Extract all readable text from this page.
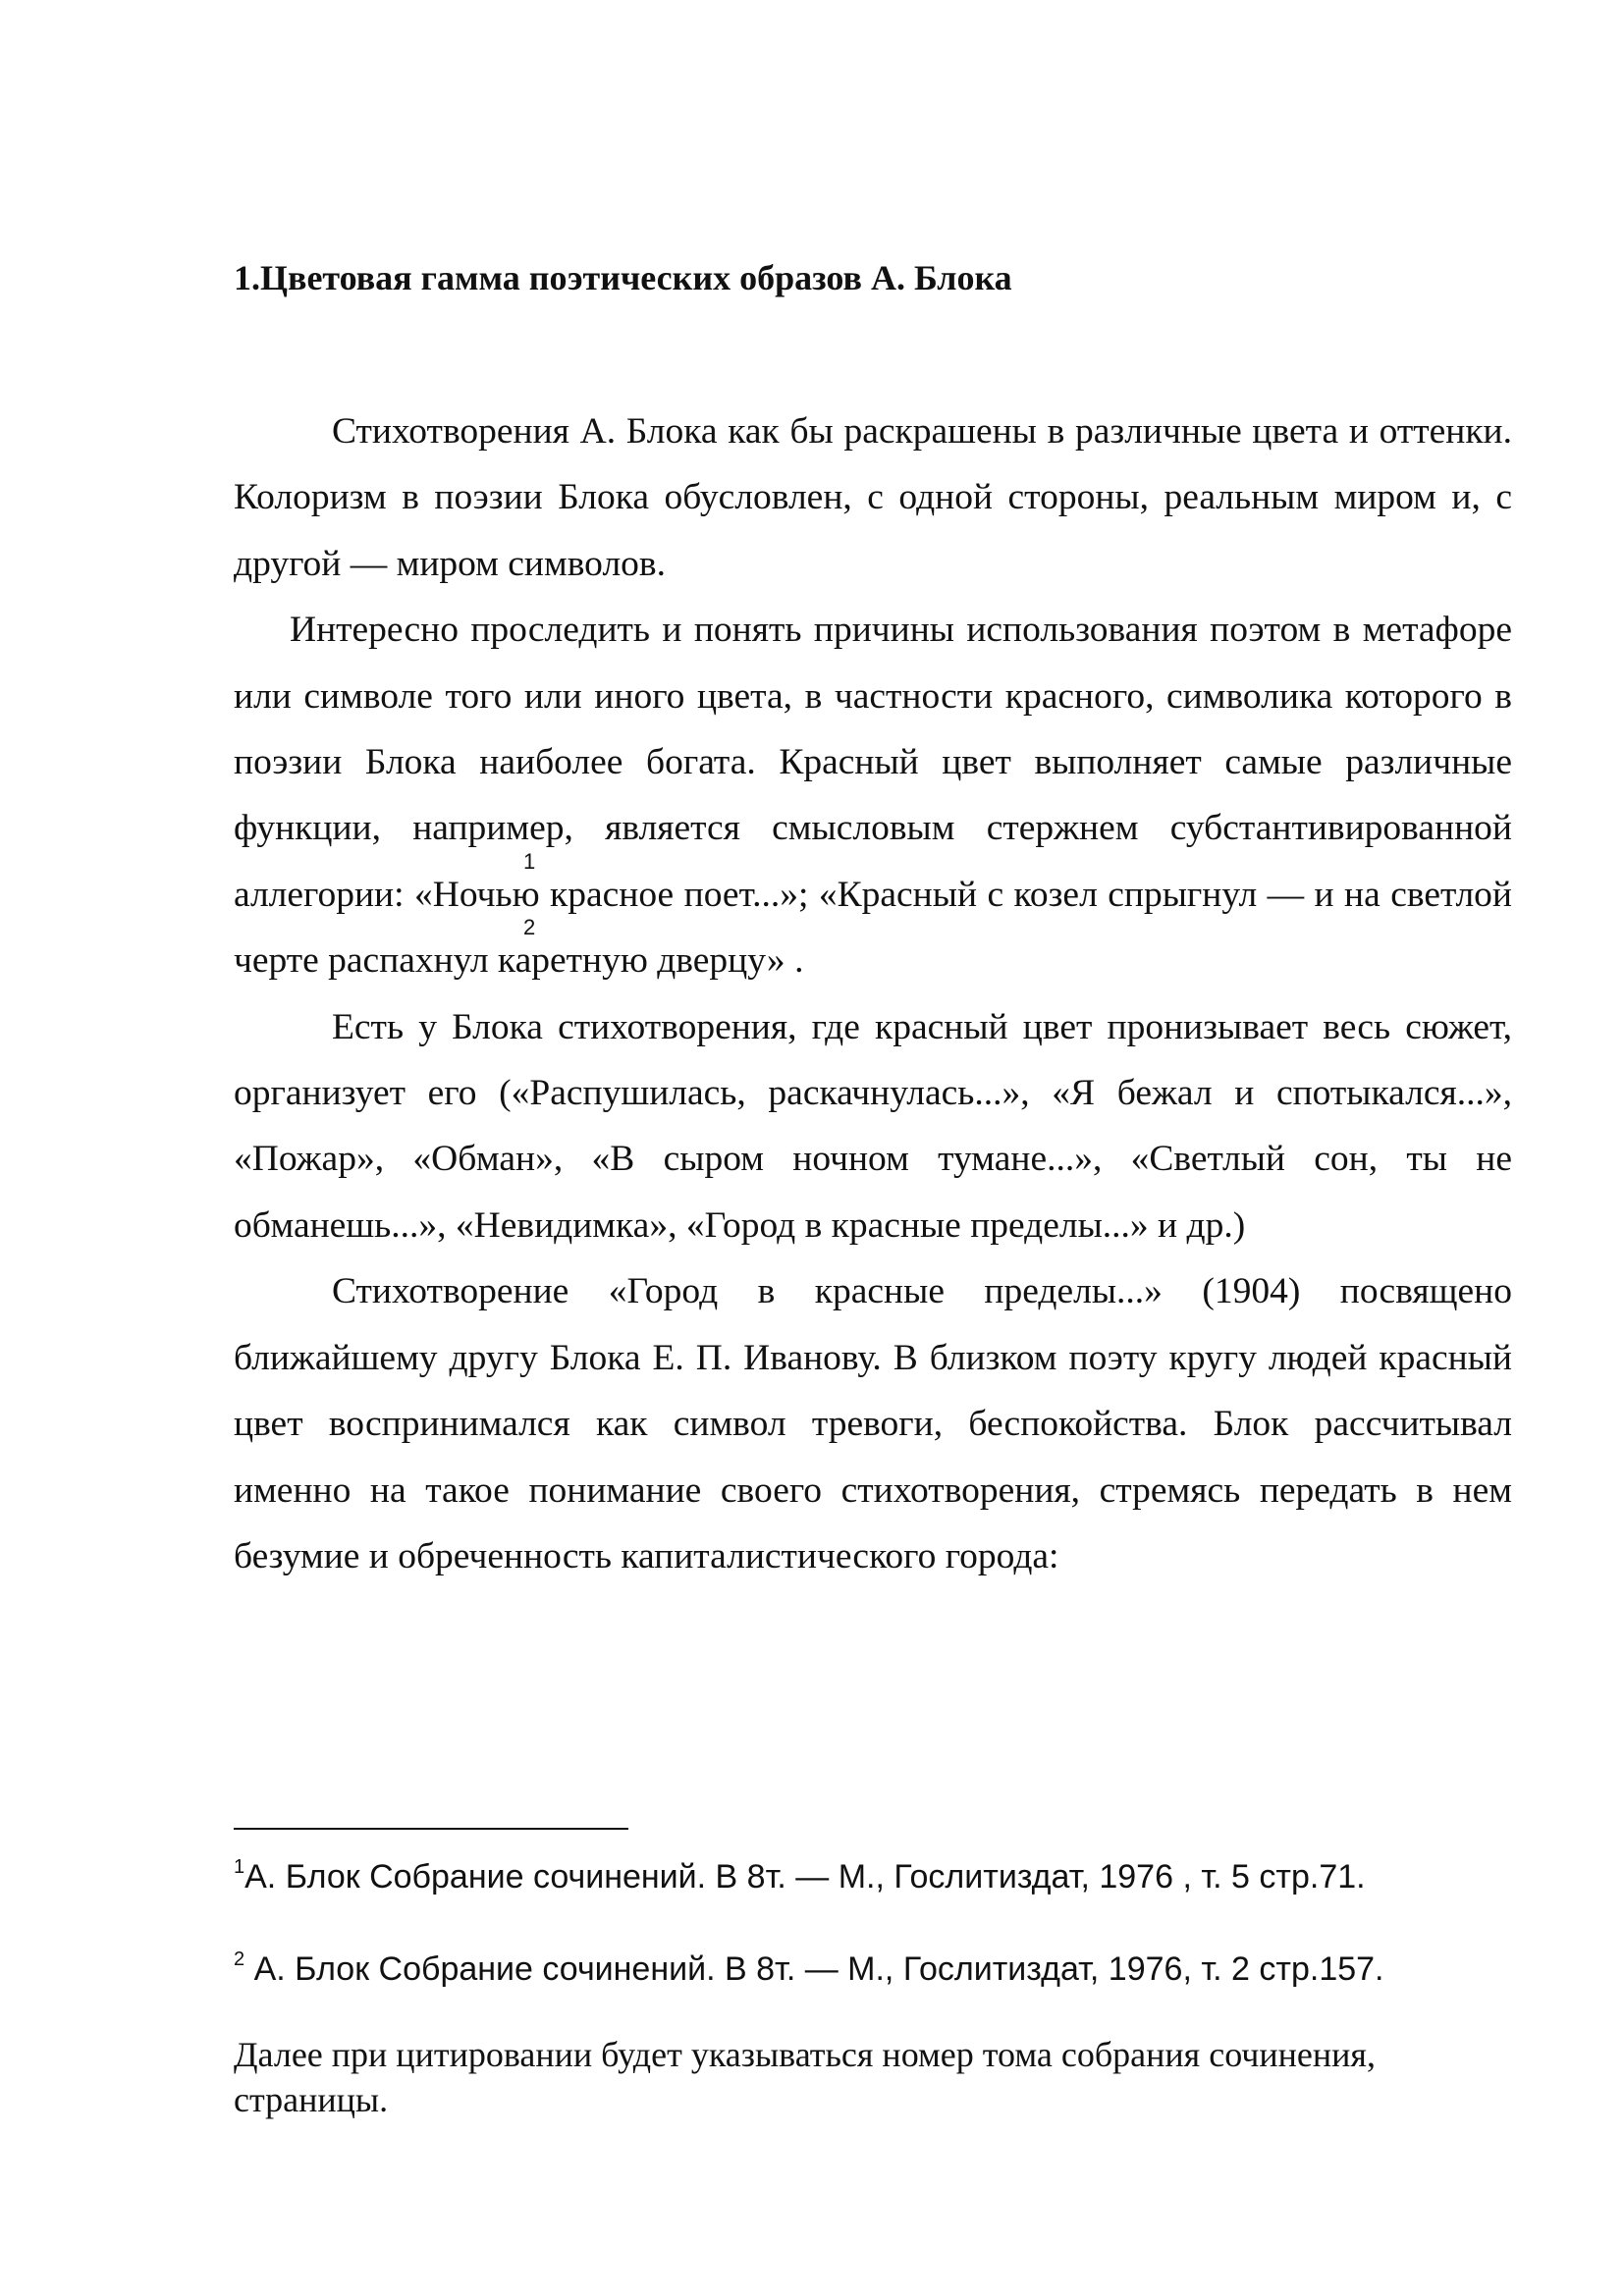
1.Цветовая гамма поэтических образов А. Блока

Стихотворения А. Блока как бы раскрашены в различные цвета и оттенки. Колоризм в поэзии Блока обусловлен, с одной стороны, реальным миром и, с другой — миром символов.

Интересно проследить и понять причины использования поэтом в метафоре или символе того или иного цвета, в частности красного, символика которого в поэзии Блока наиболее богата. Красный цвет выполняет самые различные функции, например, является смысловым стержнем субстантивированной аллегории: «Ночью красное поет...»
1
; «Красный с козел спрыгнул — и на светлой черте распахнул каретную дверцу»
2
.

Есть у Блока стихотворения, где красный цвет пронизывает весь сюжет, организует его («Распушилась, раскачнулась...», «Я бежал и спотыкался...», «Пожар», «Обман», «В сыром ночном тумане...», «Светлый сон, ты не обманешь...», «Невидимка», «Город в красные пределы...» и др.)

Стихотворение «Город в красные пределы...» (1904) посвящено ближайшему другу Блока Е. П. Иванову. В близком поэту кругу людей красный цвет воспринимался как символ тревоги, беспокойства. Блок рассчитывал именно на такое понимание своего стихотворения, стремясь передать в нем безумие и обреченность капиталистического города:

$^1$А. Блок Собрание сочинений. В 8т. — М., Гослитиздат, 1976 , т. 5 стр.71.

$^2$ А. Блок Собрание сочинений. В 8т. — М., Гослитиздат, 1976, т. 2 стр.157.

Далее при цитировании будет указываться номер тома собрания сочинения, страницы.
